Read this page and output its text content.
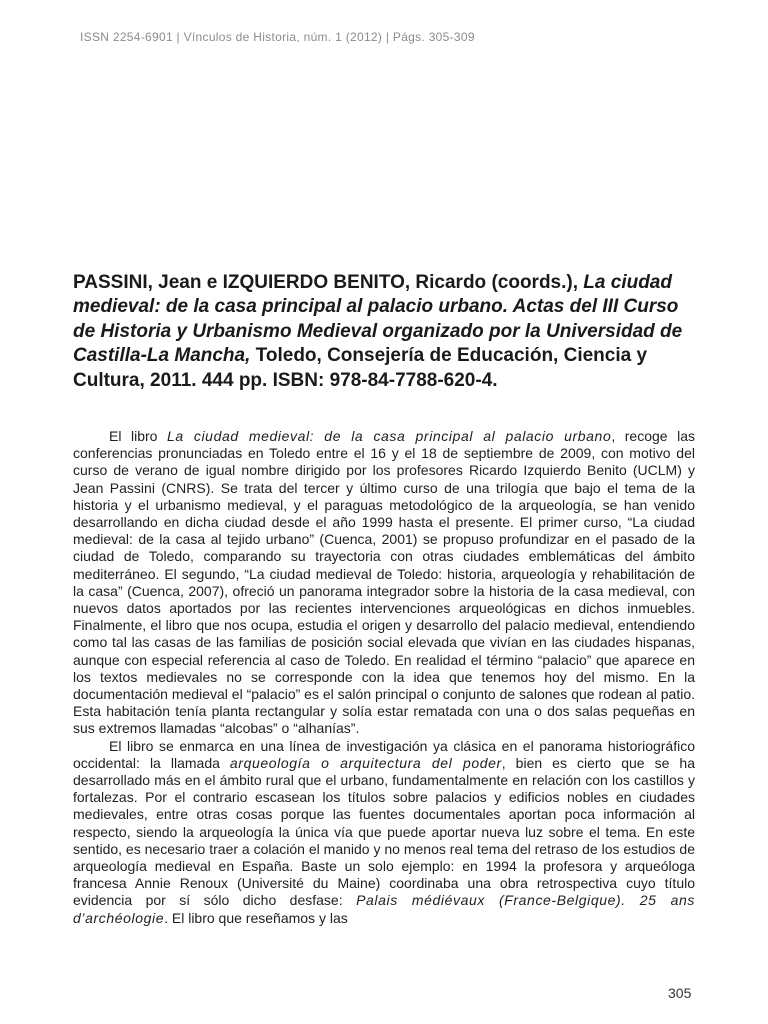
ISSN 2254-6901 | Vínculos de Historia, núm. 1 (2012) | Págs. 305-309
PASSINI, Jean e IZQUIERDO BENITO, Ricardo (coords.), La ciudad medieval: de la casa principal al palacio urbano. Actas del III Curso de Historia y Urbanismo Medieval organizado por la Universidad de Castilla-La Mancha, Toledo, Consejería de Educación, Ciencia y Cultura, 2011. 444 pp. ISBN: 978-84-7788-620-4.

El libro La ciudad medieval: de la casa principal al palacio urbano, recoge las conferencias pronunciadas en Toledo entre el 16 y el 18 de septiembre de 2009, con motivo del curso de verano de igual nombre dirigido por los profesores Ricardo Izquierdo Benito (UCLM) y Jean Passini (CNRS). Se trata del tercer y último curso de una trilogía que bajo el tema de la historia y el urbanismo medieval, y el paraguas metodológico de la arqueología, se han venido desarrollando en dicha ciudad desde el año 1999 hasta el presente. El primer curso, “La ciudad medieval: de la casa al tejido urbano” (Cuenca, 2001) se propuso profundizar en el pasado de la ciudad de Toledo, comparando su trayectoria con otras ciudades emblemáticas del ámbito mediterráneo. El segundo, “La ciudad medieval de Toledo: historia, arqueología y rehabilitación de la casa” (Cuenca, 2007), ofreció un panorama integrador sobre la historia de la casa medieval, con nuevos datos aportados por las recientes intervenciones arqueológicas en dichos inmuebles. Finalmente, el libro que nos ocupa, estudia el origen y desarrollo del palacio medieval, entendiendo como tal las casas de las familias de posición social elevada que vivían en las ciudades hispanas, aunque con especial referencia al caso de Toledo. En realidad el término “palacio” que aparece en los textos medievales no se corresponde con la idea que tenemos hoy del mismo. En la documentación medieval el “palacio” es el salón principal o conjunto de salones que rodean al patio. Esta habitación tenía planta rectangular y solía estar rematada con una o dos salas pequeñas en sus extremos llamadas “alcobas” o “alhanías”.

El libro se enmarca en una línea de investigación ya clásica en el panorama historiográfico occidental: la llamada arqueología o arquitectura del poder, bien es cierto que se ha desarrollado más en el ámbito rural que el urbano, fundamentalmente en relación con los castillos y fortalezas. Por el contrario escasean los títulos sobre palacios y edificios nobles en ciudades medievales, entre otras cosas porque las fuentes documentales aportan poca información al respecto, siendo la arqueología la única vía que puede aportar nueva luz sobre el tema. En este sentido, es necesario traer a colación el manido y no menos real tema del retraso de los estudios de arqueología medieval en España. Baste un solo ejemplo: en 1994 la profesora y arqueóloga francesa Annie Renoux (Université du Maine) coordinaba una obra retrospectiva cuyo título evidencia por sí sólo dicho desfase: Palais médiévaux (France-Belgique). 25 ans d’archéologie. El libro que reseñamos y las

305
